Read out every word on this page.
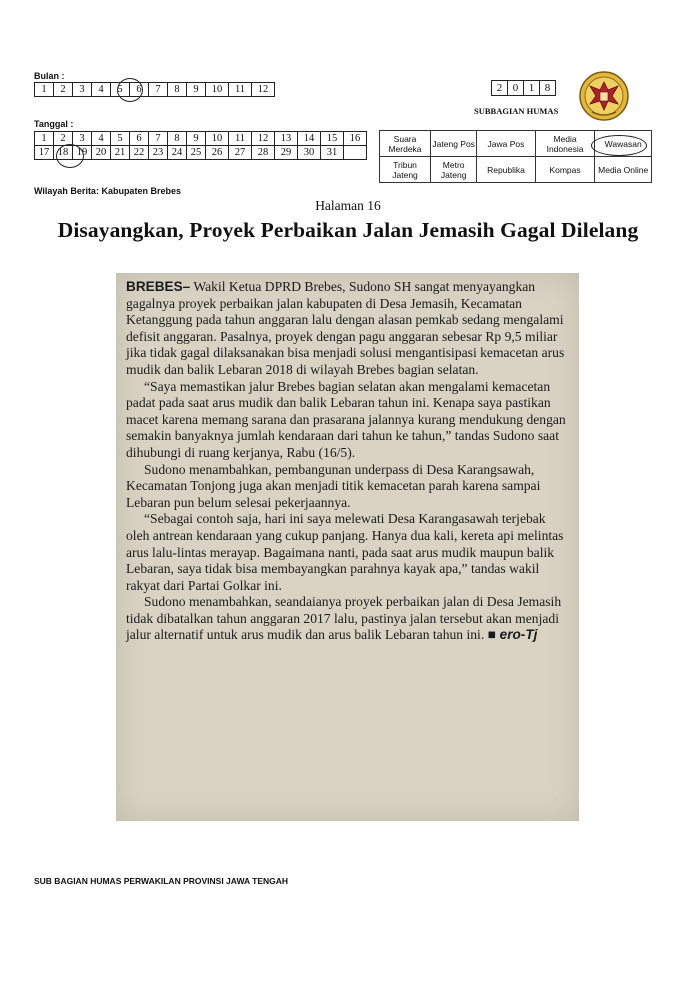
Bulan :
1	2	3	4	5	6	7	8	9	10	11	12
Tanggal :
1	2	3	4	5	6	7	8	9	10	11	12	13	14	15	16
17	18	19	20	21	22	23	24	25	26	27	28	29	30	31	
Wilayah Berita: Kabupaten Brebes
2	0	1	8
SUBBAGIAN HUMAS
Suara Merdeka	Jateng Pos	Jawa Pos	Media Indonesia	Wawasan
Tribun Jateng	Metro Jateng	Republika	Kompas	Media Online
Halaman 16
Disayangkan, Proyek Perbaikan Jalan Jemasih Gagal Dilelang

BREBES– Wakil Ketua DPRD Brebes, Sudono SH sangat menyayangkan gagalnya proyek perbaikan jalan kabupaten di Desa Jemasih, Kecamatan Ketanggung pada tahun anggaran lalu dengan alasan pemkab sedang mengalami defisit anggaran. Pasalnya, proyek dengan pagu anggaran sebesar Rp 9,5 miliar jika tidak gagal dilaksanakan bisa menjadi solusi mengantisipasi kemacetan arus mudik dan balik Lebaran 2018 di wilayah Brebes bagian selatan.

“Saya memastikan jalur Brebes bagian selatan akan mengalami kemacetan padat pada saat arus mudik dan balik Lebaran tahun ini. Kenapa saya pastikan macet karena memang sarana dan prasarana jalannya kurang mendukung dengan semakin banyaknya jumlah kendaraan dari tahun ke tahun,” tandas Sudono saat dihubungi di ruang kerjanya, Rabu (16/5).

Sudono menambahkan, pembangunan underpass di Desa Karangsawah, Kecamatan Tonjong juga akan menjadi titik kemacetan parah karena sampai Lebaran pun belum selesai pekerjaannya.

“Sebagai contoh saja, hari ini saya melewati Desa Karangasawah terjebak oleh antrean kendaraan yang cukup panjang. Hanya dua kali, kereta api melintas arus lalu-lintas merayap. Bagaimana nanti, pada saat arus mudik maupun balik Lebaran, saya tidak bisa membayangkan parahnya kayak apa,” tandas wakil rakyat dari Partai Golkar ini.

Sudono menambahkan, seandaianya proyek perbaikan jalan di Desa Jemasih tidak dibatalkan tahun anggaran 2017 lalu, pastinya jalan tersebut akan menjadi jalur alternatif untuk arus mudik dan arus balik Lebaran tahun ini. ■ ero-Tj

SUB BAGIAN HUMAS PERWAKILAN PROVINSI JAWA TENGAH
